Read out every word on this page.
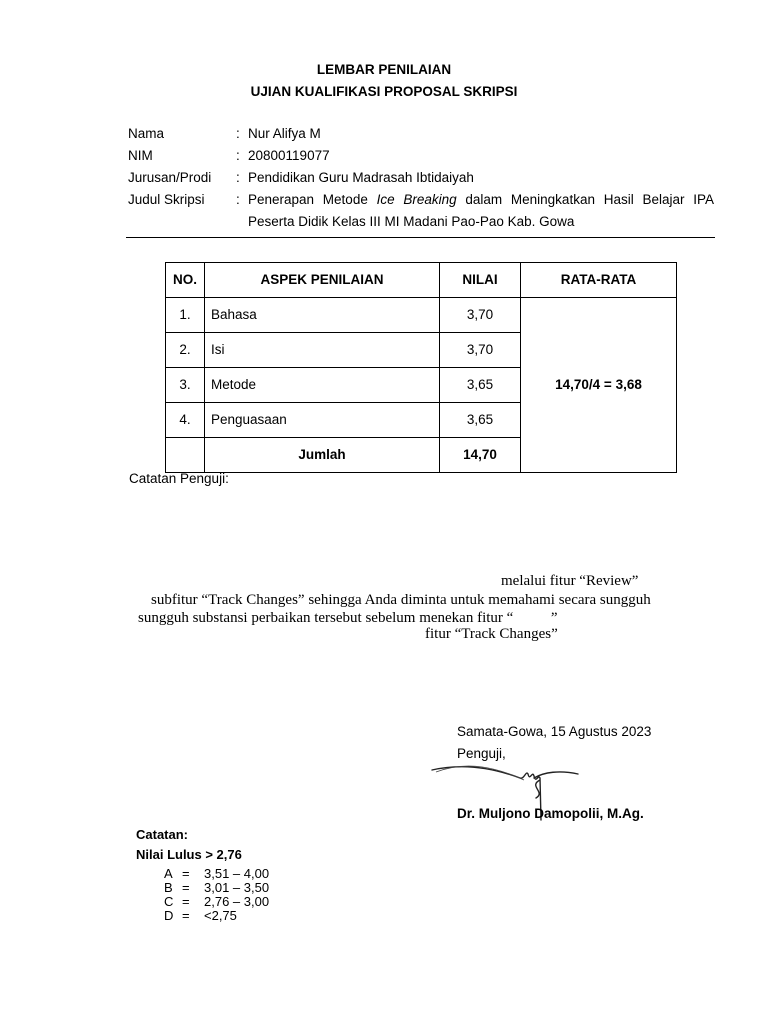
LEMBAR PENILAIAN
UJIAN KUALIFIKASI PROPOSAL SKRIPSI
Nama	: Nur Alifya M
NIM	: 20800119077
Jurusan/Prodi : Pendidikan Guru Madrasah Ibtidaiyah
Judul Skripsi : Penerapan Metode Ice Breaking dalam Meningkatkan Hasil Belajar IPA
Peserta Didik Kelas III MI Madani Pao-Pao Kab. Gowa
NO.	ASPEK PENILAIAN	NILAI	RATA-RATA
1.	Bahasa	3,70	14,70/4 = 3,68
2.	Isi	3,70	
3.	Metode	3,65	
4.	Penguasaan	3,65	
	Jumlah	14,70	
Catatan Penguji:
melalui fitur “Review”
subfitur “Track Changes” sehingga Anda diminta untuk memahami secara sungguh
sungguh substansi perbaikan tersebut sebelum menekan fitur “          ”
fitur “Track Changes”
Samata-Gowa, 15 Agustus 2023
Penguji,
Dr. Muljono Damopolii, M.Ag.
Catatan:
Nilai Lulus > 2,76
A = 3,51 – 4,00
B = 3,01 – 3,50
C = 2,76 – 3,00
D = <2,75
